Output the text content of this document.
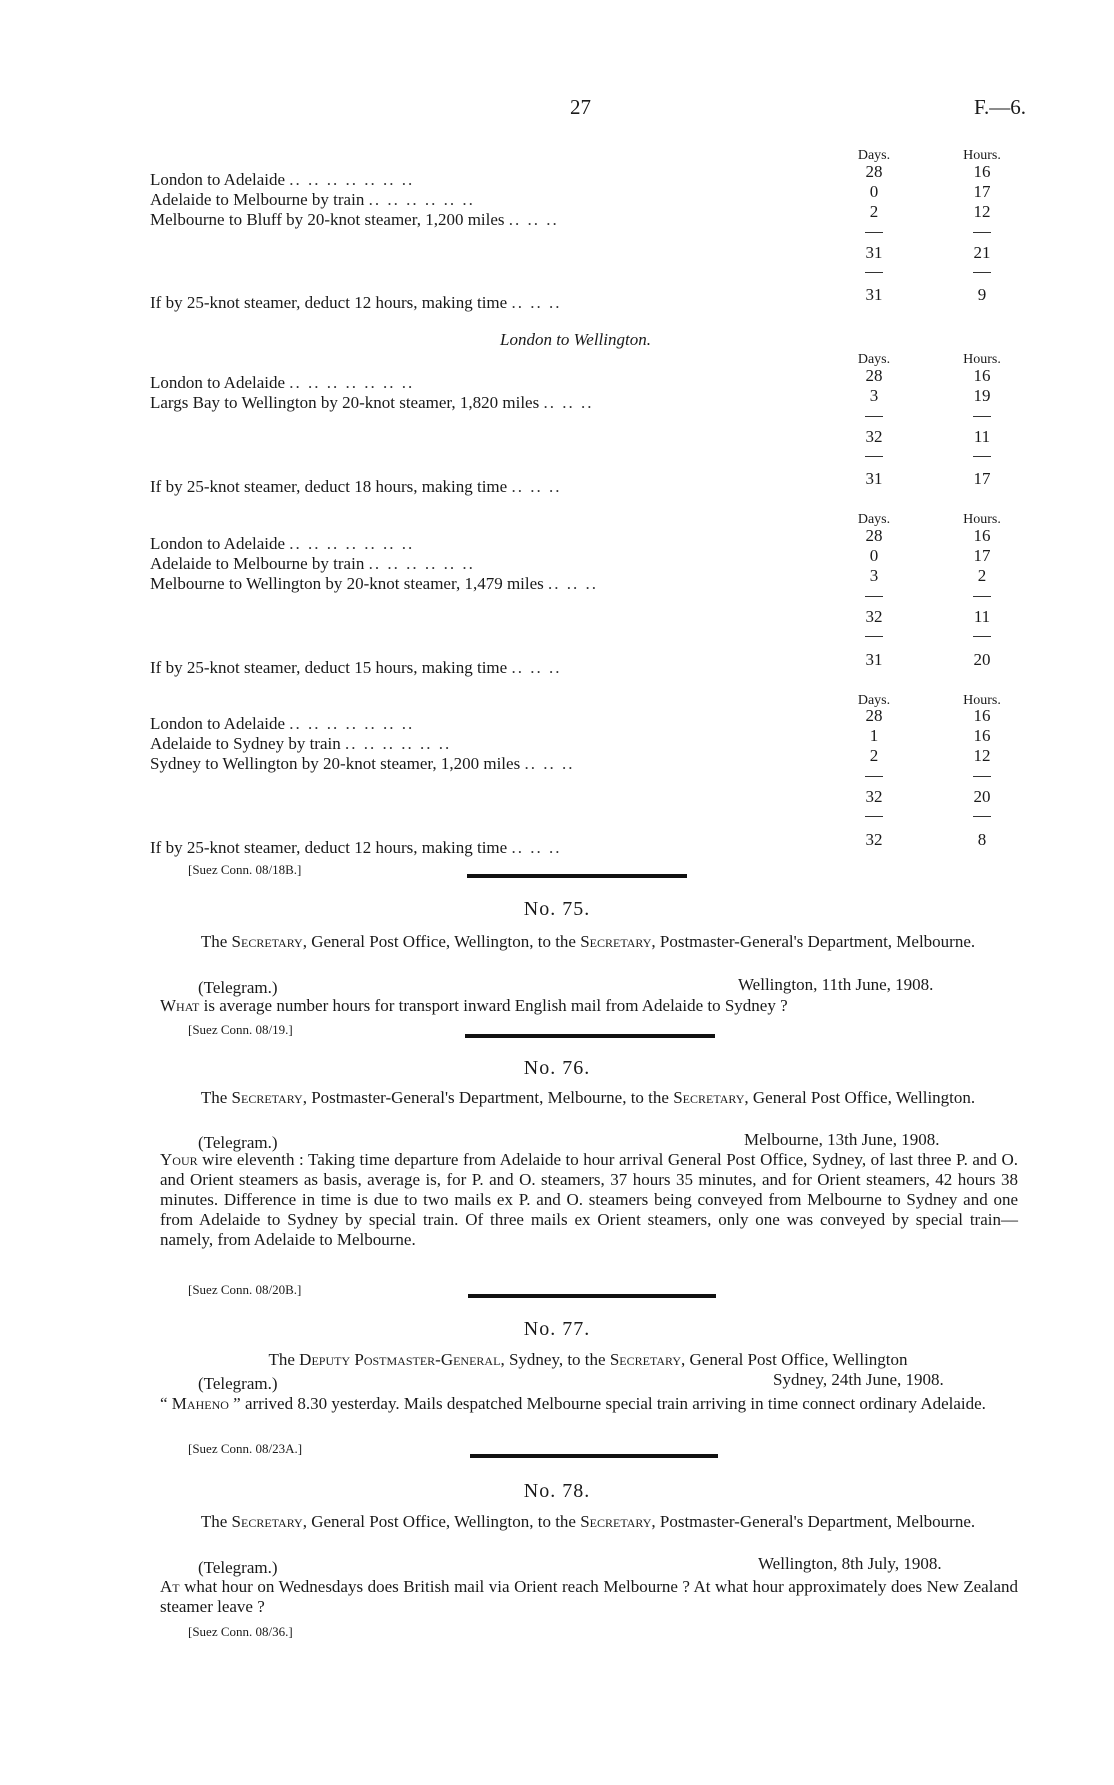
27	F.—6.
Days.	Hours.
London to Adelaide .. .. .. .. .. .. ..	28	16
Adelaide to Melbourne by train .. .. .. .. .. ..	0	17
Melbourne to Bluff by 20-knot steamer, 1,200 miles .. .. ..	2	12
31	21
If by 25-knot steamer, deduct 12 hours, making time .. .. ..	31	9
London to Wellington.
Days.	Hours.
London to Adelaide .. .. .. .. .. .. ..	28	16
Largs Bay to Wellington by 20-knot steamer, 1,820 miles .. .. ..	3	19
32	11
If by 25-knot steamer, deduct 18 hours, making time .. .. ..	31	17
Days.	Hours.
London to Adelaide .. .. .. .. .. .. ..	28	16
Adelaide to Melbourne by train .. .. .. .. .. ..	0	17
Melbourne to Wellington by 20-knot steamer, 1,479 miles .. .. ..	3	2
32	11
If by 25-knot steamer, deduct 15 hours, making time .. .. ..	31	20
Days.	Hours.
London to Adelaide .. .. .. .. .. .. ..	28	16
Adelaide to Sydney by train .. .. .. .. .. ..	1	16
Sydney to Wellington by 20-knot steamer, 1,200 miles .. .. ..	2	12
32	20
If by 25-knot steamer, deduct 12 hours, making time .. .. ..	32	8
[Suez Conn. 08/18B.]
No. 75.
The Secretary, General Post Office, Wellington, to the Secretary, Postmaster-General's Department, Melbourne.
(Telegram.)	Wellington, 11th June, 1908.
What is average number hours for transport inward English mail from Adelaide to Sydney ?
[Suez Conn. 08/19.]
No. 76.
The Secretary, Postmaster-General's Department, Melbourne, to the Secretary, General Post Office, Wellington.
(Telegram.)	Melbourne, 13th June, 1908.
Your wire eleventh : Taking time departure from Adelaide to hour arrival General Post Office, Sydney, of last three P. and O. and Orient steamers as basis, average is, for P. and O. steamers, 37 hours 35 minutes, and for Orient steamers, 42 hours 38 minutes. Difference in time is due to two mails ex P. and O. steamers being conveyed from Melbourne to Sydney and one from Adelaide to Sydney by special train. Of three mails ex Orient steamers, only one was conveyed by special train—namely, from Adelaide to Melbourne.
[Suez Conn. 08/20B.]
No. 77.
The Deputy Postmaster-General, Sydney, to the Secretary, General Post Office, Wellington
(Telegram.)	Sydney, 24th June, 1908.
“ Maheno ” arrived 8.30 yesterday. Mails despatched Melbourne special train arriving in time connect ordinary Adelaide.
[Suez Conn. 08/23A.]
No. 78.
The Secretary, General Post Office, Wellington, to the Secretary, Postmaster-General's Department, Melbourne.
(Telegram.)	Wellington, 8th July, 1908.
At what hour on Wednesdays does British mail via Orient reach Melbourne ? At what hour approximately does New Zealand steamer leave ?
[Suez Conn. 08/36.]
